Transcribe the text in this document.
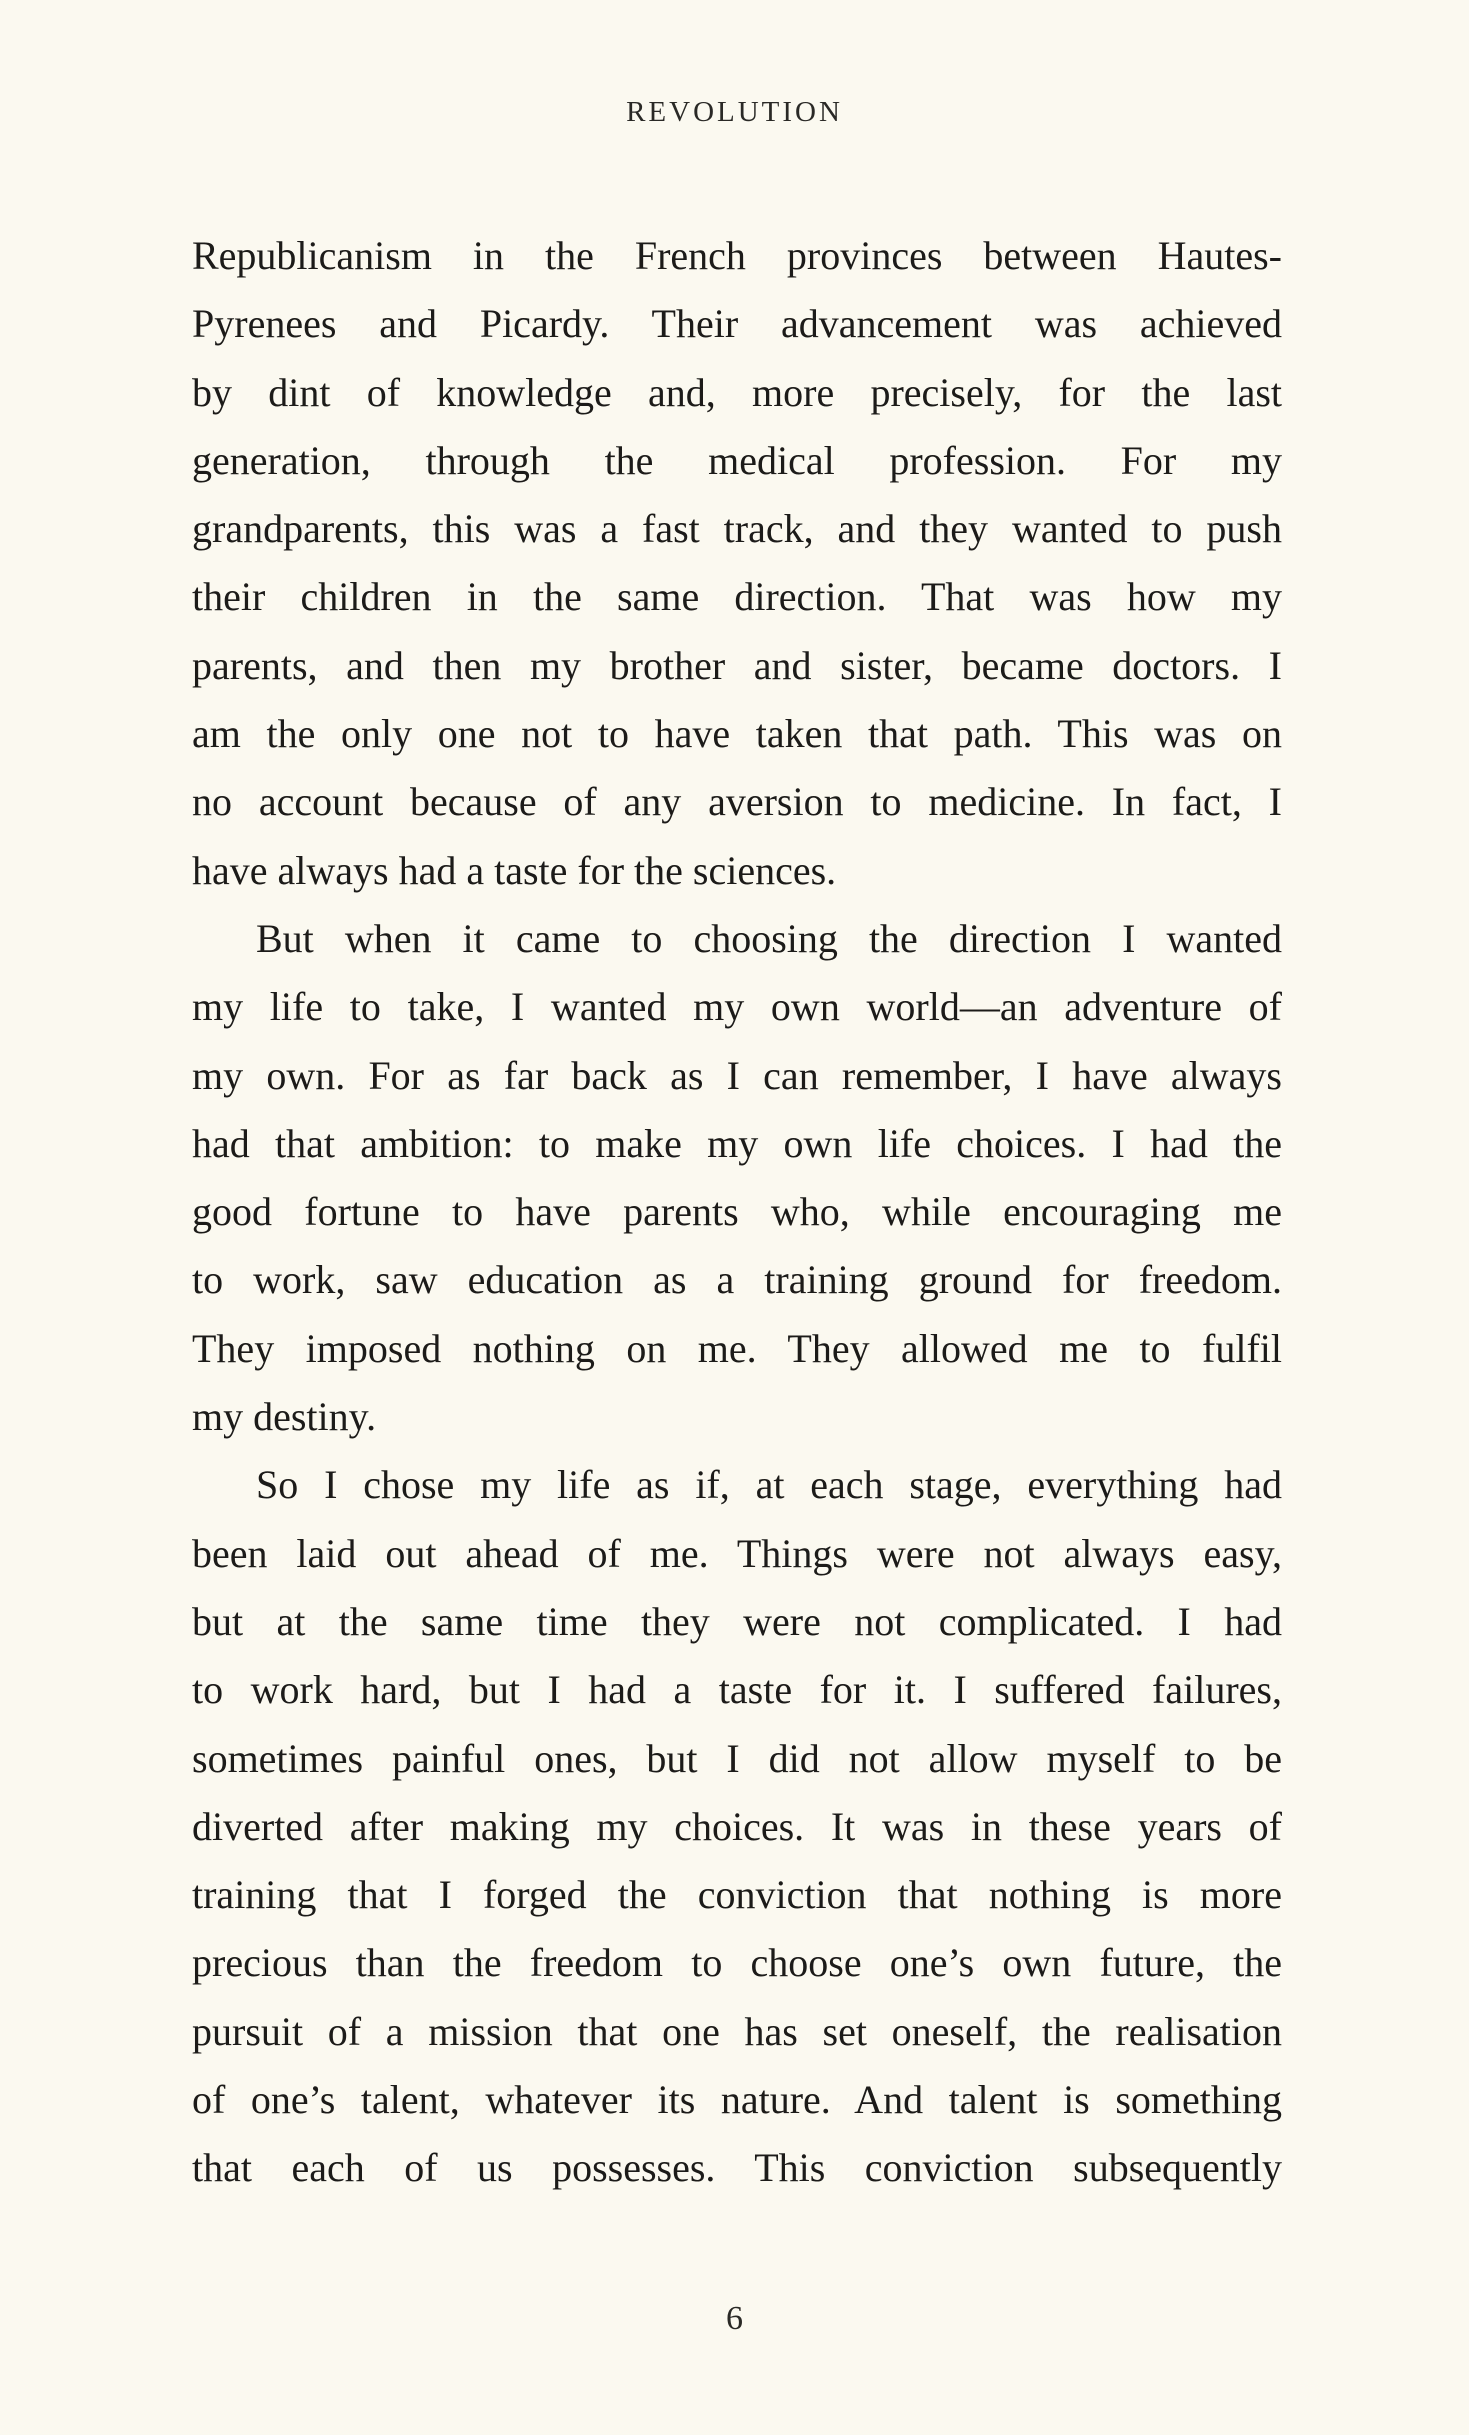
REVOLUTION
Republicanism in the French provinces between Hautes-
Pyrenees and Picardy. Their advancement was achieved
by dint of knowledge and, more precisely, for the last
generation, through the medical profession. For my
grandparents, this was a fast track, and they wanted to push
their children in the same direction. That was how my
parents, and then my brother and sister, became doctors. I
am the only one not to have taken that path. This was on
no account because of any aversion to medicine. In fact, I
have always had a taste for the sciences.
But when it came to choosing the direction I wanted
my life to take, I wanted my own world—an adventure of
my own. For as far back as I can remember, I have always
had that ambition: to make my own life choices. I had the
good fortune to have parents who, while encouraging me
to work, saw education as a training ground for freedom.
They imposed nothing on me. They allowed me to fulfil
my destiny.
So I chose my life as if, at each stage, everything had
been laid out ahead of me. Things were not always easy,
but at the same time they were not complicated. I had
to work hard, but I had a taste for it. I suffered failures,
sometimes painful ones, but I did not allow myself to be
diverted after making my choices. It was in these years of
training that I forged the conviction that nothing is more
precious than the freedom to choose one’s own future, the
pursuit of a mission that one has set oneself, the realisation
of one’s talent, whatever its nature. And talent is something
that each of us possesses. This conviction subsequently
6
